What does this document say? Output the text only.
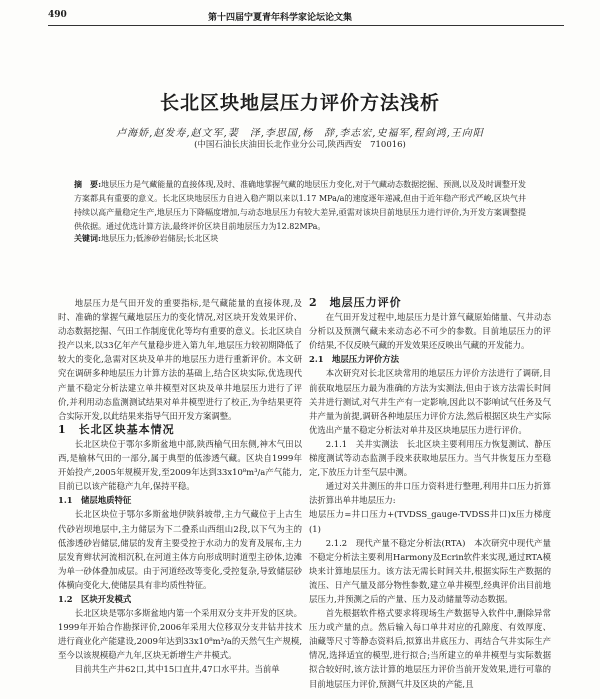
490	第十四届宁夏青年科学家论坛论文集
长北区块地层压力评价方法浅析
卢海娇,赵发寿,赵文军,裴　泽,李思国,杨　辞,李志宏,史福军,程剑鸿,王向阳
(中国石油长庆油田长北作业分公司,陕西西安　710016)
摘　要:地层压力是气藏能量的直接体现,及时、准确地掌握气藏的地层压力变化,对于气藏动态数据挖掘、预测,以及及时调整开发方案都具有重要的意义。长北区块地层压力自进入稳产期以来以1.17 MPa/a的速度逐年递减,但由于近年稳产形式严峻,区块气井持续以高产量稳定生产,地层压力下降幅度增加,与动态地层压力有较大差异,亟需对该块目前地层压力进行评价,为开发方案调整提供依据。通过优选计算方法,最终评价区块目前地层压力为12.82MPa。
关键词:地层压力;低渗砂岩储层;长北区块

地层压力是气田开发的重要指标,是气藏能量的直接体现,及时、准确的掌握气藏地层压力的变化情况,对区块开发效果评价、动态数据挖掘、气田工作制度优化等均有重要的意义。长北区块自投产以来,以33亿年产气量稳步进入第九年,地层压力较初期降低了较大的变化,急需对区块及单井的地层压力进行重新评价。本文研究在调研多种地层压力计算方法的基础上,结合区块实际,优选现代产量不稳定分析法建立单井模型对区块及单井地层压力进行了评价,并利用动态监测测试结果对单井模型进行了校正,为争结果更符合实际开发,以此结果来指导气田开发方案调整。

1　长北区块基本情况

长北区块位于鄂尔多斯盆地中部,陕西榆气田东侧,神木气田以西,是榆林气田的一部分,属于典型的低渗透气藏。区块自1999年开始投产,2005年规模开发,至2009年达到33x10⁸m³/a产气能力,目前已以该产能稳产九年,保持平稳。

1.1　储层地质特征

长北区块位于鄂尔多斯盆地伊陕斜坡带,主力气藏位于上古生代砂岩坝地层中,主力储层为下二叠系山西组山2段,以下气为主的低渗透砂岩储层,储层的发育主要受控于水动力的发育及展布,主力层发育辫状河流相沉积,在河道主体方向形成明时道型主砂体,边滩为单一砂体叠加成层。由于河道经改等变化,受控复杂,导致储层砂体横向变化大,使储层具有非均质性特征。

1.2　区块开发模式

长北区块是鄂尔多斯盆地内第一个采用双分支井开发的区块。1999年开始合作勘探评价,2006年采用大位移双分支井钻井技术进行商业化产能建设,2009年达到33x10⁸m³/a的天然气生产规模,至今以该规模稳产九年,区块无新增生产井模式。

目前共生产井62口,其中15口直井,47口水平井。当前单

2　地层压力评价

在气田开发过程中,地层压力是计算气藏原始储量、气井动态分析以及预测气藏未来动态必不可少的参数。目前地层压力的评价结果,不仅反映气藏的开发效果还反映出气藏的开发能力。

2.1　地层压力评价方法

本次研究对长北区块常用的地层压力评价方法进行了调研,目前获取地层压力最为准确的方法为实测法,但由于该方法需长时间关井进行测试,对气井生产有一定影响,因此以不影响试气任务及气井产量为前提,调研各种地层压力评价方法,然后根据区块生产实际优选出产量不稳定分析法对单井及区块地层压力进行评价。

2.1.1　关井实测法　长北区块主要利用压力恢复测试、静压梯度测试等动态监测手段来获取地层压力。当气井恢复压力至稳定,下放压力计至气层中测。

通过对关井测压的井口压力资料进行整理,利用井口压力折算法折算出单井地层压力:

地层压力=井口压力+(TVDSS_gauge-TVDSS井口)x压力梯度(1)

2.1.2　现代产量不稳定分析法(RTA)　本次研究中现代产量不稳定分析法主要利用Harmony及Ecrin软件来实现,通过RTA模块来计算地层压力。该方法无需长时间关井,根据实际生产数据的流压、日产气量及部分物性参数,建立单井模型,经典评价出目前地层压力,并预测之后的产量、压力及动储量等动态数据。

首先根据软件格式要求将现场生产数据导入软件中,删除异常压力或产量的点。然后输入每口单井对应的孔隙度、有效厚度、油藏等尺寸等静态资料后,拟算出井底压力、再结合气井实际生产情况,选择适宜的模型,进行拟合;当所建立的单井模型与实际数据拟合较好时,该方法计算的地层压力评价当前开发效果,进行可靠的目前地层压力评价,预测气井及区块的产能,且
